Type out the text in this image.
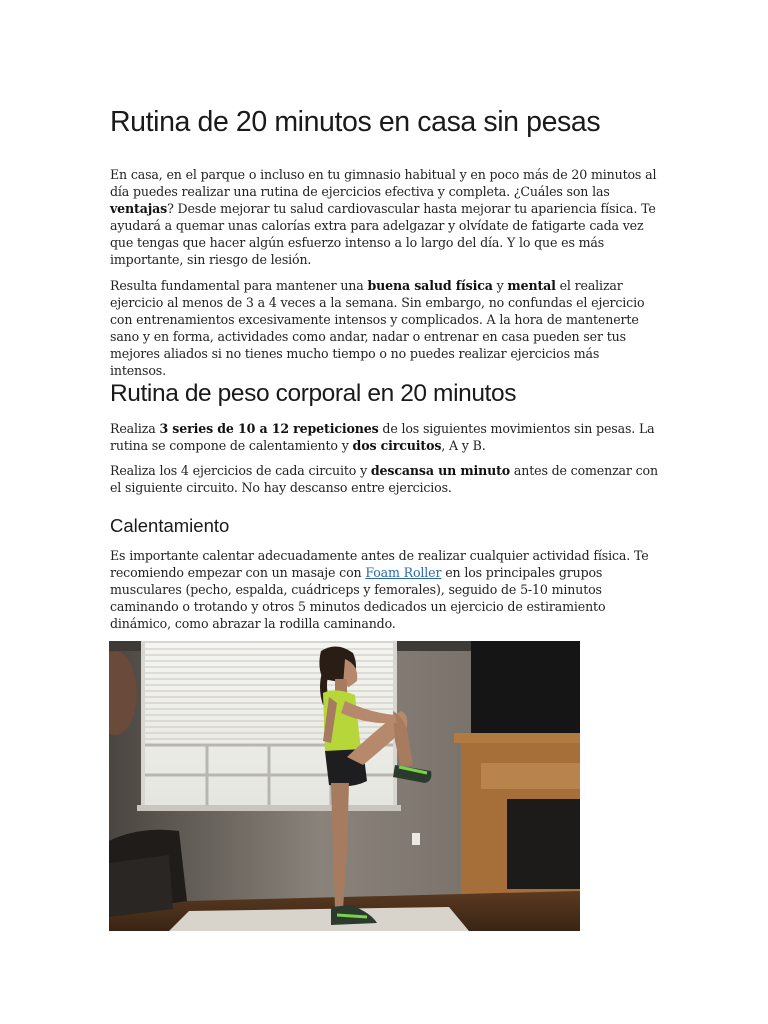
Rutina de 20 minutos en casa sin pesas

En casa, en el parque o incluso en tu gimnasio habitual y en poco más de 20 minutos al día puedes realizar una rutina de ejercicios efectiva y completa. ¿Cuáles son las ventajas? Desde mejorar tu salud cardiovascular hasta mejorar tu apariencia física. Te ayudará a quemar unas calorías extra para adelgazar y olvídate de fatigarte cada vez que tengas que hacer algún esfuerzo intenso a lo largo del día. Y lo que es más importante, sin riesgo de lesión.

Resulta fundamental para mantener una buena salud física y mental el realizar ejercicio al menos de 3 a 4 veces a la semana. Sin embargo, no confundas el ejercicio con entrenamientos excesivamente intensos y complicados. A la hora de mantenerte sano y en forma, actividades como andar, nadar o entrenar en casa pueden ser tus mejores aliados si no tienes mucho tiempo o no puedes realizar ejercicios más intensos.

Rutina de peso corporal en 20 minutos

Realiza 3 series de 10 a 12 repeticiones de los siguientes movimientos sin pesas. La rutina se compone de calentamiento y dos circuitos, A y B.

Realiza los 4 ejercicios de cada circuito y descansa un minuto antes de comenzar con el siguiente circuito. No hay descanso entre ejercicios.

Calentamiento

Es importante calentar adecuadamente antes de realizar cualquier actividad física. Te recomiendo empezar con un masaje con Foam Roller en los principales grupos musculares (pecho, espalda, cuádriceps y femorales), seguido de 5-10 minutos caminando o trotando y otros 5 minutos dedicados un ejercicio de estiramiento dinámico, como abrazar la rodilla caminando.
